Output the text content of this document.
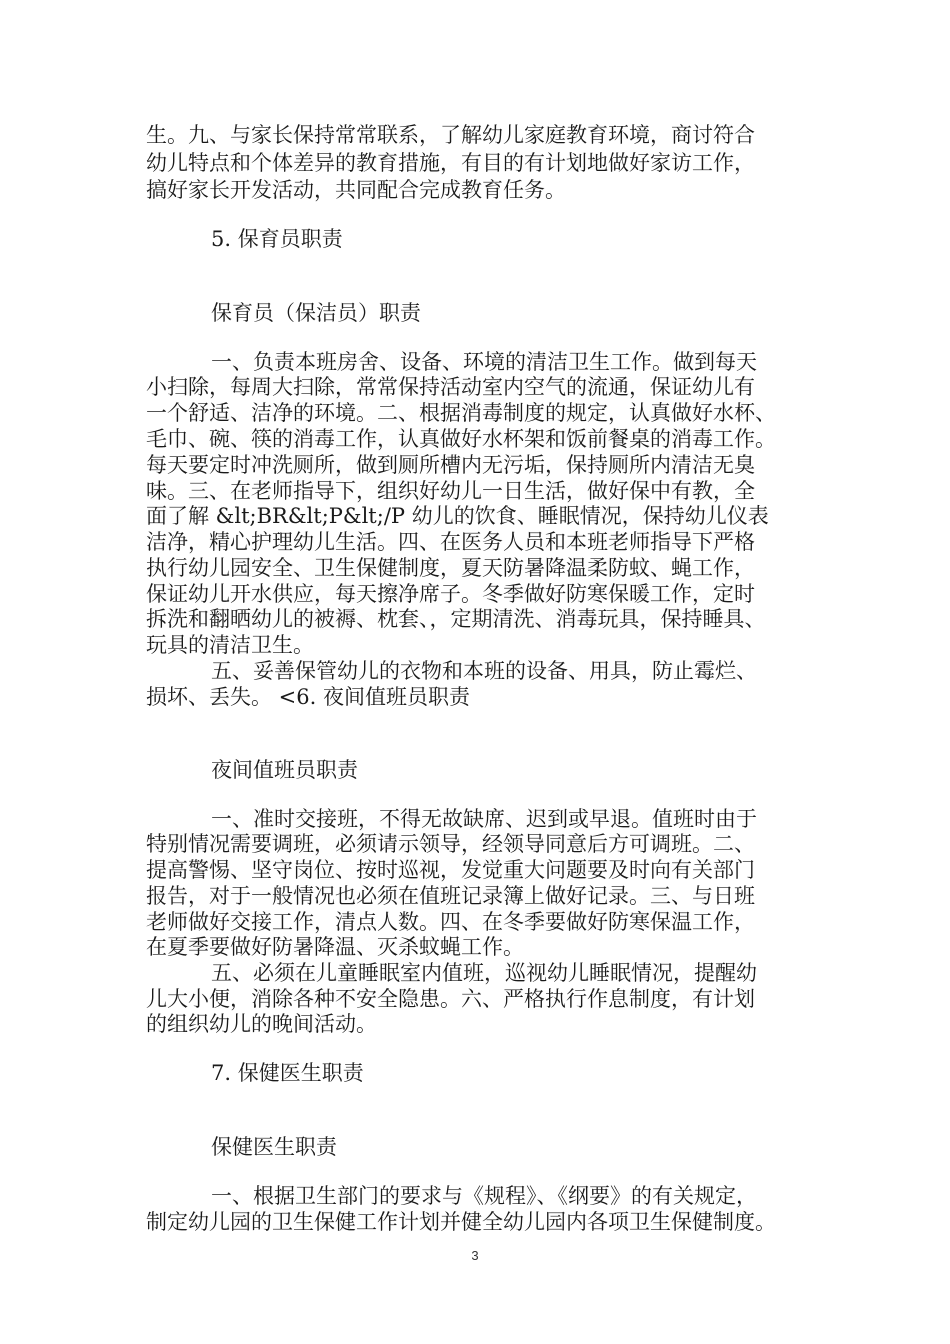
生。九、与家长保持常常联系，了解幼儿家庭教育环境，商讨符合
幼儿特点和个体差异的教育措施，有目的有计划地做好家访工作，
搞好家长开发活动，共同配合完成教育任务。
5. 保育员职责
保育员（保洁员）职责
一、负责本班房舍、设备、环境的清洁卫生工作。做到每天
小扫除，每周大扫除，常常保持活动室内空气的流通，保证幼儿有
一个舒适、洁净的环境。二、根据消毒制度的规定，认真做好水杯、
毛巾、碗、筷的消毒工作，认真做好水杯架和饭前餐桌的消毒工作。
每天要定时冲洗厕所，做到厕所槽内无污垢，保持厕所内清洁无臭
味。三、在老师指导下，组织好幼儿一日生活，做好保中有教，全
面了解 &lt;BR&lt;P&lt;/P 幼儿的饮食、睡眠情况，保持幼儿仪表
洁净，精心护理幼儿生活。四、在医务人员和本班老师指导下严格
执行幼儿园安全、卫生保健制度，夏天防暑降温柔防蚊、蝇工作，
保证幼儿开水供应，每天擦净席子。冬季做好防寒保暖工作，定时
拆洗和翻晒幼儿的被褥、枕套、，定期清洗、消毒玩具，保持睡具、
玩具的清洁卫生。
五、妥善保管幼儿的衣物和本班的设备、用具，防止霉烂、
损坏、丢失。 <6. 夜间值班员职责
夜间值班员职责
一、准时交接班，不得无故缺席、迟到或早退。值班时由于
特别情况需要调班，必须请示领导，经领导同意后方可调班。二、
提高警惕、坚守岗位、按时巡视，发觉重大问题要及时向有关部门
报告，对于一般情况也必须在值班记录簿上做好记录。三、与日班
老师做好交接工作，清点人数。四、在冬季要做好防寒保温工作，
在夏季要做好防暑降温、灭杀蚊蝇工作。
五、必须在儿童睡眠室内值班，巡视幼儿睡眠情况，提醒幼
儿大小便，消除各种不安全隐患。六、严格执行作息制度，有计划
的组织幼儿的晚间活动。
7. 保健医生职责
保健医生职责
一、根据卫生部门的要求与《规程》、《纲要》的有关规定，
制定幼儿园的卫生保健工作计划并健全幼儿园内各项卫生保健制度。
3
